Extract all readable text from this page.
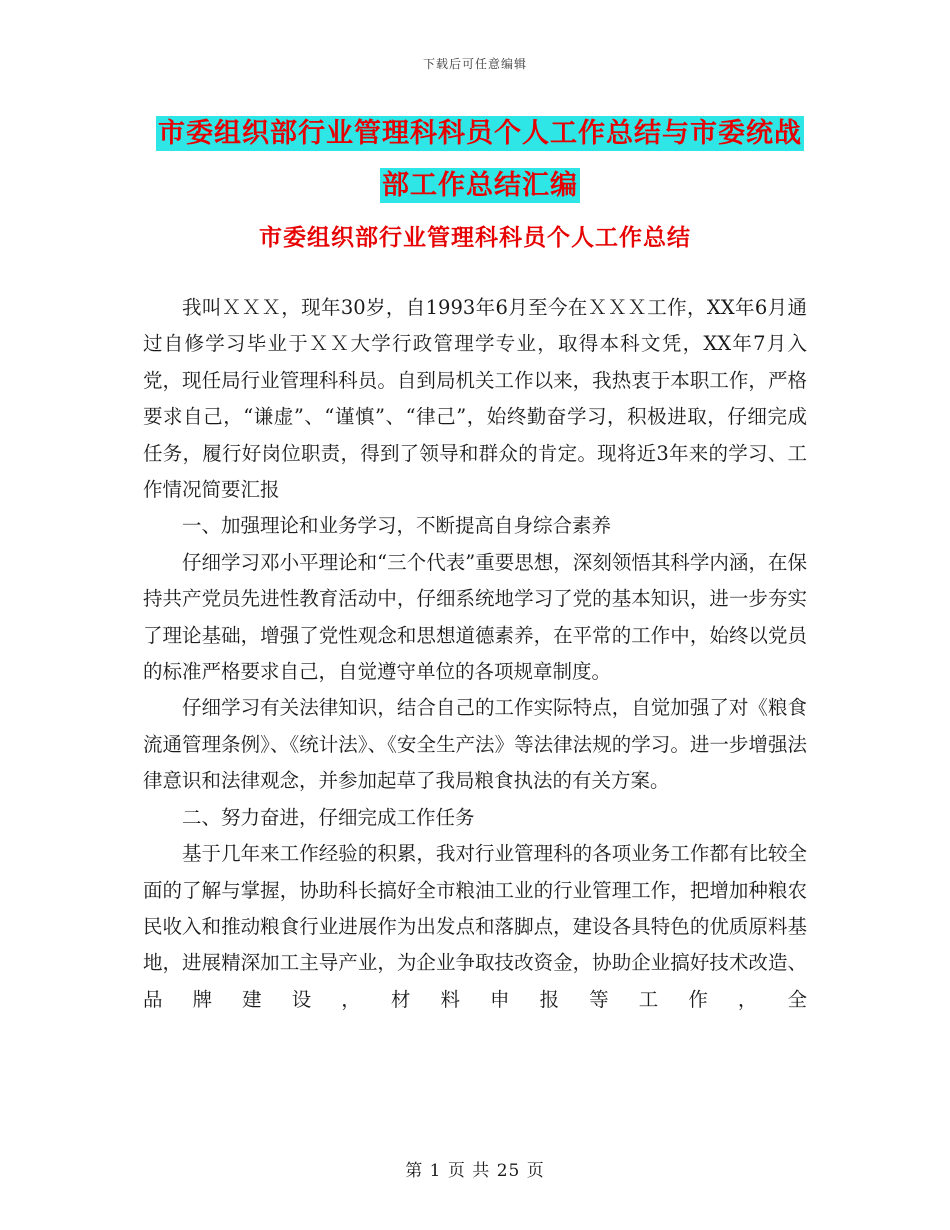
下载后可任意编辑
市委组织部行业管理科科员个人工作总结与市委统战
部工作总结汇编
市委组织部行业管理科科员个人工作总结

我叫ＸＸＸ，现年30岁，自1993年6月至今在ＸＸＸ工作，XX年6月通过自修学习毕业于ＸＸ大学行政管理学专业，取得本科文凭，XX年7月入党，现任局行业管理科科员。自到局机关工作以来，我热衷于本职工作，严格要求自己，“谦虚”、“谨慎”、“律己”，始终勤奋学习，积极进取，仔细完成任务，履行好岗位职责，得到了领导和群众的肯定。现将近3年来的学习、工作情况简要汇报

一、加强理论和业务学习，不断提高自身综合素养

仔细学习邓小平理论和“三个代表”重要思想，深刻领悟其科学内涵，在保持共产党员先进性教育活动中，仔细系统地学习了党的基本知识，进一步夯实了理论基础，增强了党性观念和思想道德素养，在平常的工作中，始终以党员的标准严格要求自己，自觉遵守单位的各项规章制度。

仔细学习有关法律知识，结合自己的工作实际特点，自觉加强了对《粮食流通管理条例》、《统计法》、《安全生产法》等法律法规的学习。进一步增强法律意识和法律观念，并参加起草了我局粮食执法的有关方案。

二、努力奋进，仔细完成工作任务

基于几年来工作经验的积累，我对行业管理科的各项业务工作都有比较全面的了解与掌握，协助科长搞好全市粮油工业的行业管理工作，把增加种粮农民收入和推动粮食行业进展作为出发点和落脚点，建设各具特色的优质原料基地，进展精深加工主导产业，为企业争取技改资金，协助企业搞好技术改造、品牌建设，材料申报等工作，全

第 1 页 共 25 页
